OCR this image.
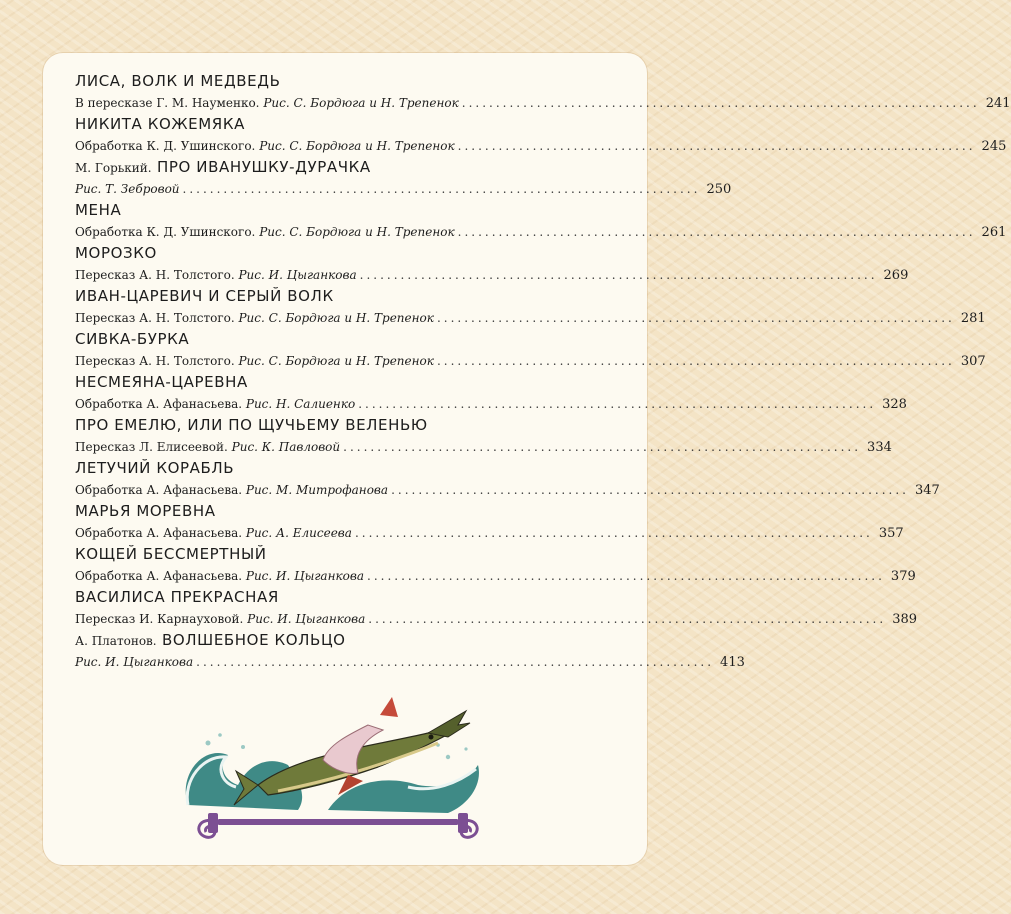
ЛИСА, ВОЛК И МЕДВЕДЬ
В пересказе Г. М. Науменко. Рис. С. Бордюга и Н. Трепенок ............................................................................ 241
НИКИТА КОЖЕМЯКА
Обработка К. Д. Ушинского. Рис. С. Бордюга и Н. Трепенок ............................................................................ 245
М. Горький. ПРО ИВАНУШКУ-ДУРАЧКА
Рис. Т. Зебровой ............................................................................ 250
МЕНА
Обработка К. Д. Ушинского. Рис. С. Бордюга и Н. Трепенок ............................................................................ 261
МОРОЗКО
Пересказ А. Н. Толстого. Рис. И. Цыганкова ............................................................................ 269
ИВАН-ЦАРЕВИЧ И СЕРЫЙ ВОЛК
Пересказ А. Н. Толстого. Рис. С. Бордюга и Н. Трепенок ............................................................................ 281
СИВКА-БУРКА
Пересказ А. Н. Толстого. Рис. С. Бордюга и Н. Трепенок ............................................................................ 307
НЕСМЕЯНА-ЦАРЕВНА
Обработка А. Афанасьева. Рис. Н. Салиенко ............................................................................ 328
ПРО ЕМЕЛЮ, ИЛИ ПО ЩУЧЬЕМУ ВЕЛЕНЬЮ
Пересказ Л. Елисеевой. Рис. К. Павловой ............................................................................ 334
ЛЕТУЧИЙ КОРАБЛЬ
Обработка А. Афанасьева. Рис. М. Митрофанова ............................................................................ 347
МАРЬЯ МОРЕВНА
Обработка А. Афанасьева. Рис. А. Елисеева ............................................................................ 357
КОЩЕЙ БЕССМЕРТНЫЙ
Обработка А. Афанасьева. Рис. И. Цыганкова ............................................................................ 379
ВАСИЛИСА ПРЕКРАСНАЯ
Пересказ И. Карнауховой. Рис. И. Цыганкова ............................................................................ 389
А. Платонов. ВОЛШЕБНОЕ КОЛЬЦО
Рис. И. Цыганкова ............................................................................ 413
